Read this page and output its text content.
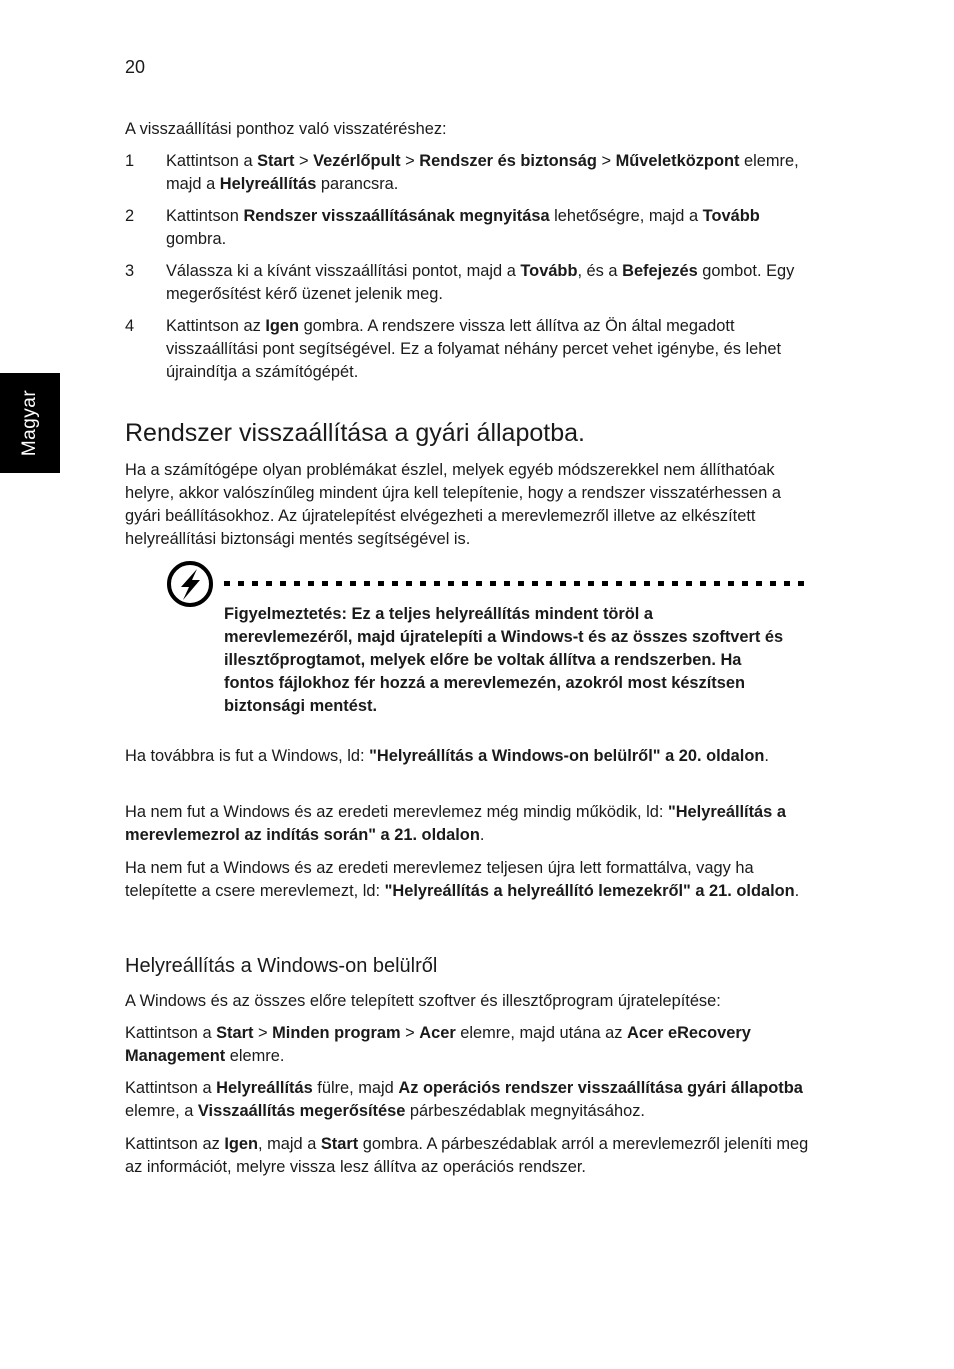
20
Magyar

A visszaállítási ponthoz való visszatéréshez:

1	Kattintson a Start > Vezérlőpult > Rendszer és biztonság > Műveletközpont elemre, majd a Helyreállítás parancsra.
2	Kattintson Rendszer visszaállításának megnyitása lehetőségre, majd a Tovább gombra.
3	Válassza ki a kívánt visszaállítási pontot, majd a Tovább, és a Befejezés gombot. Egy megerősítést kérő üzenet jelenik meg.
4	Kattintson az Igen gombra. A rendszere vissza lett állítva az Ön által megadott visszaállítási pont segítségével. Ez a folyamat néhány percet vehet igénybe, és lehet újraindítja a számítógépét.
Rendszer visszaállítása a gyári állapotba.

Ha a számítógépe olyan problémákat észlel, melyek egyéb módszerekkel nem állíthatóak helyre, akkor valószínűleg mindent újra kell telepítenie, hogy a rendszer visszatérhessen a gyári beállításokhoz. Az újratelepítést elvégezheti a merevlemezről illetve az elkészített helyreállítási biztonsági mentés segítségével is.

Figyelmeztetés: Ez a teljes helyreállítás mindent töröl a merevlemezéről, majd újratelepíti a Windows-t és az összes szoftvert és illesztőprogtamot, melyek előre be voltak állítva a rendszerben. Ha fontos fájlokhoz fér hozzá a merevlemezén, azokról most készítsen biztonsági mentést.

Ha továbbra is fut a Windows, ld: "Helyreállítás a Windows-on belülről" a 20. oldalon.

Ha nem fut a Windows és az eredeti merevlemez még mindig működik, ld: "Helyreállítás a merevlemezrol az indítás során" a 21. oldalon.

Ha nem fut a Windows és az eredeti merevlemez teljesen újra lett formattálva, vagy ha telepítette a csere merevlemezt, ld: "Helyreállítás a helyreállító lemezekről" a 21. oldalon.

Helyreállítás a Windows-on belülről

A Windows és az összes előre telepített szoftver és illesztőprogram újratelepítése:

Kattintson a Start > Minden program > Acer elemre, majd utána az Acer eRecovery Management elemre.

Kattintson a Helyreállítás fülre, majd Az operációs rendszer visszaállítása gyári állapotba elemre, a Visszaállítás megerősítése párbeszédablak megnyitásához.

Kattintson az Igen, majd a Start gombra. A párbeszédablak arról a merevlemezről jeleníti meg az információt, melyre vissza lesz állítva az operációs rendszer.
